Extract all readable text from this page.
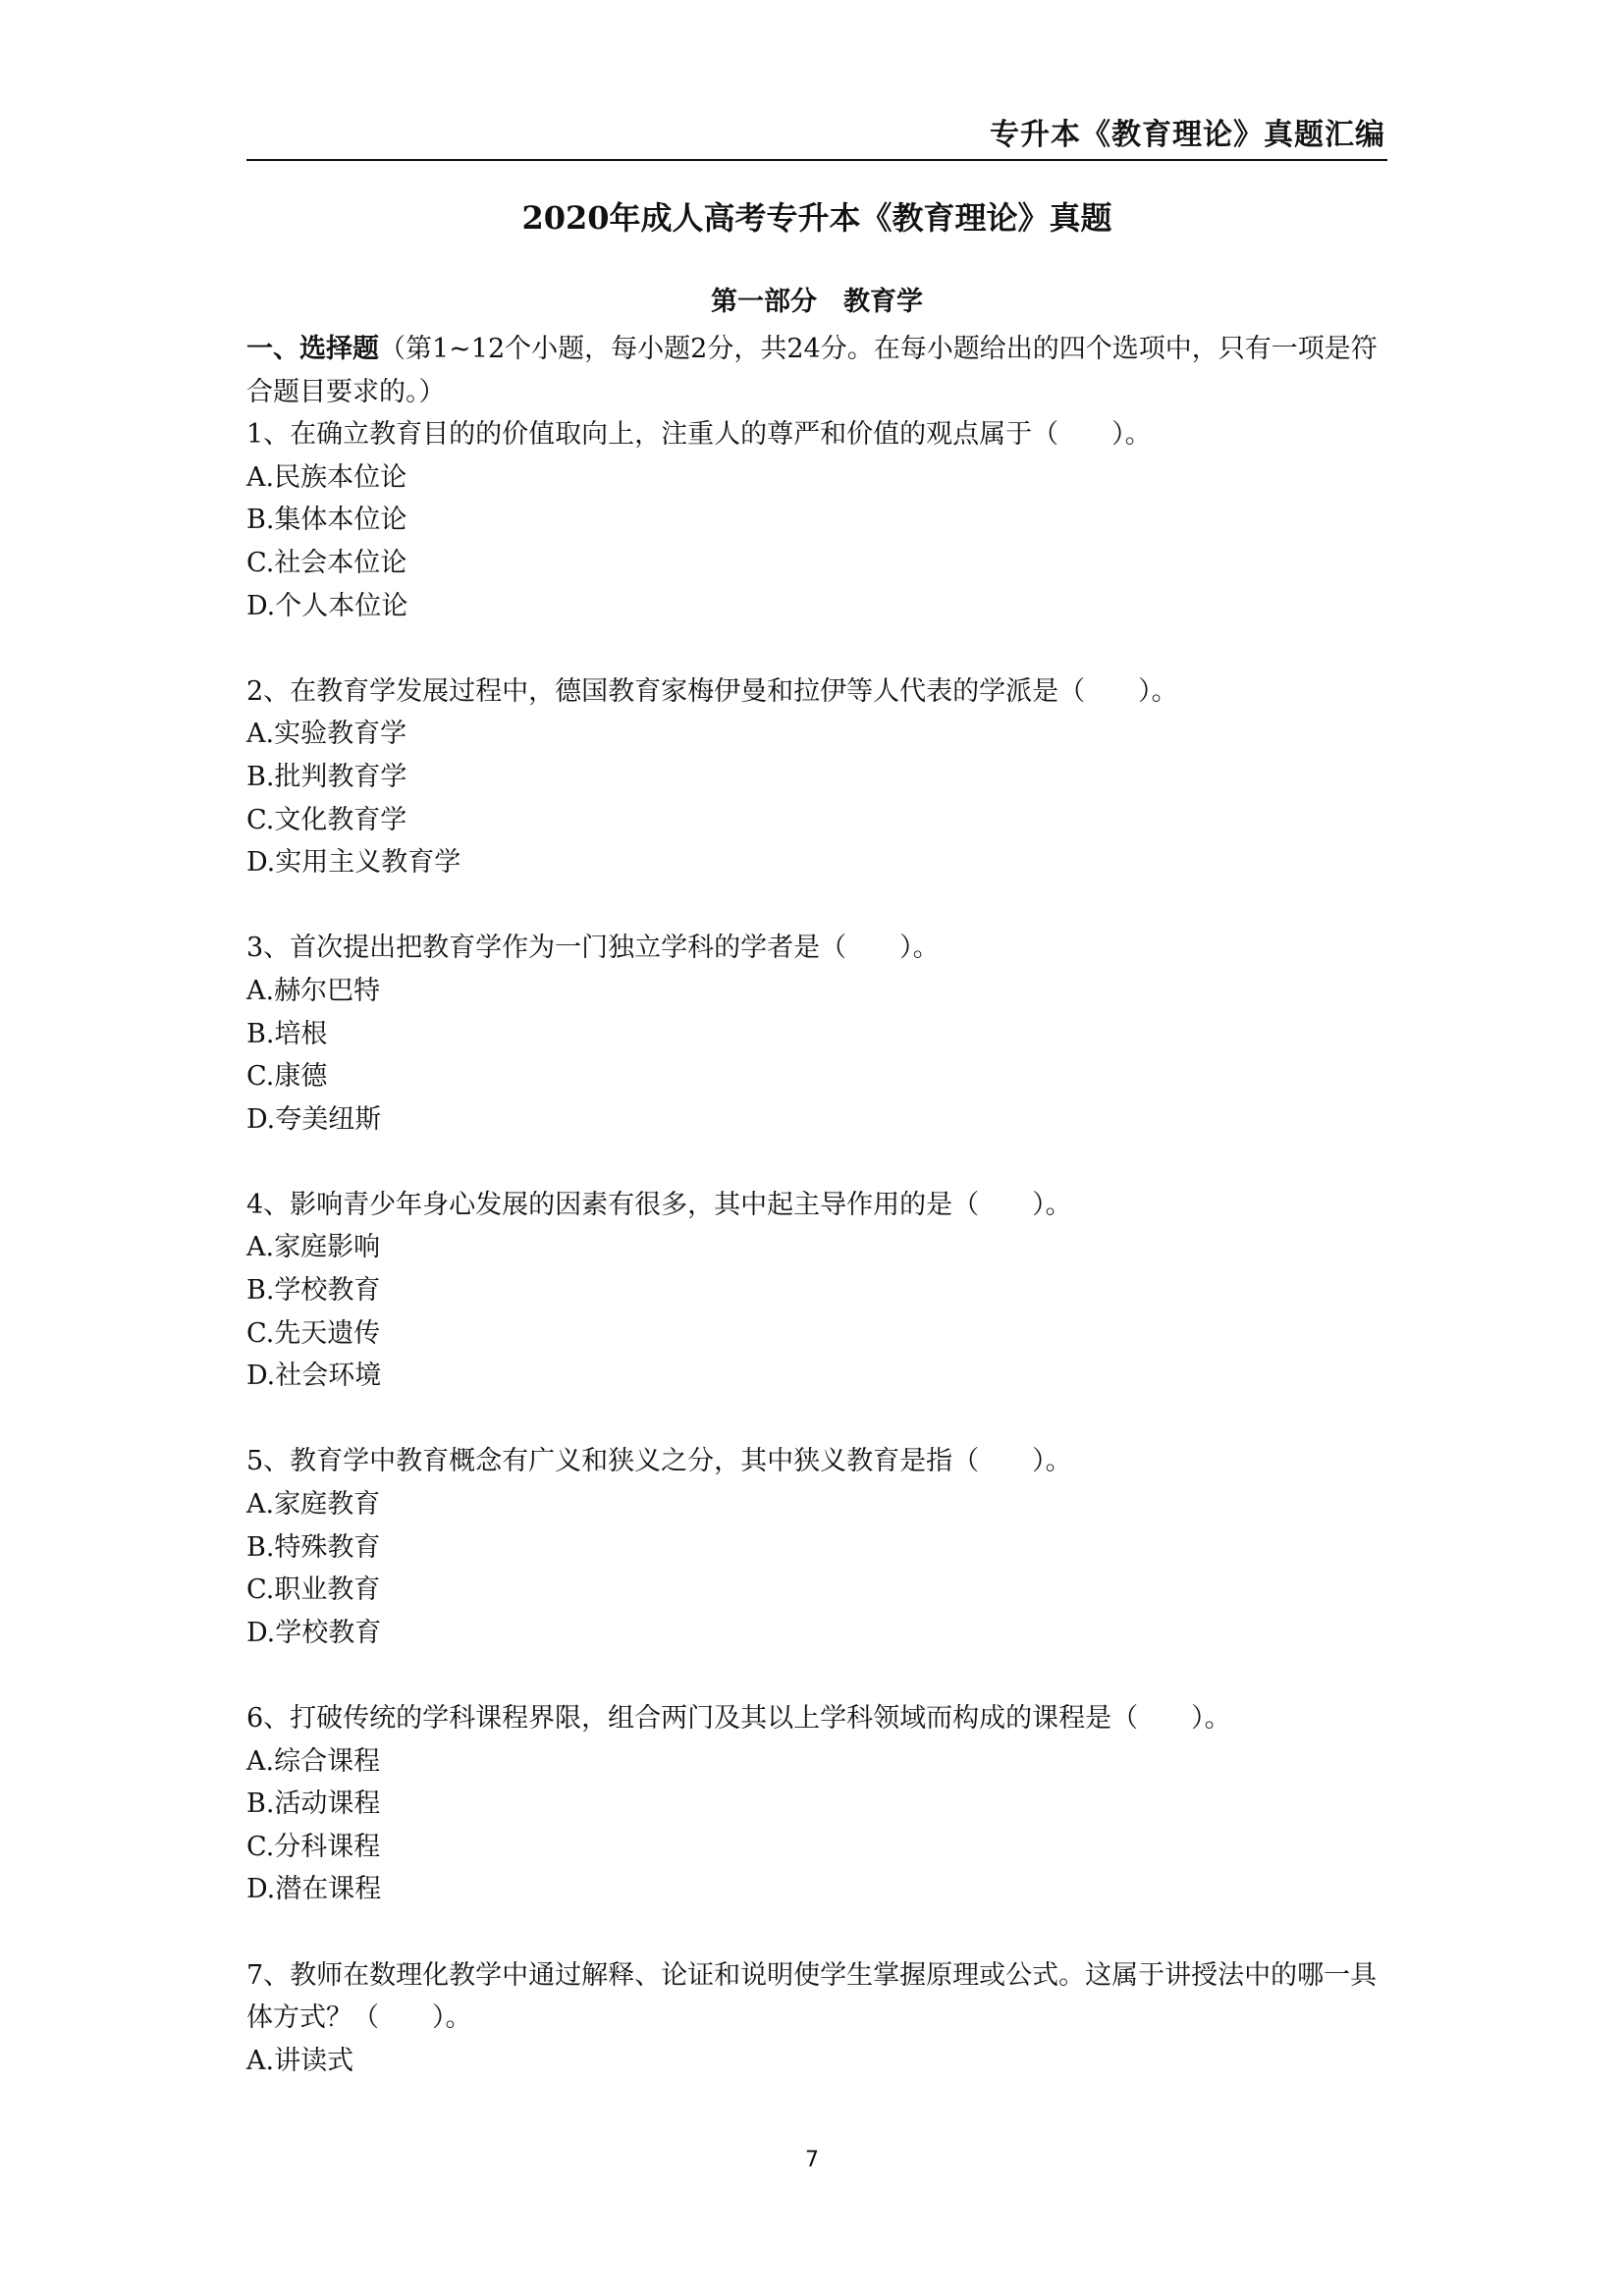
专升本《教育理论》真题汇编
2020年成人高考专升本《教育理论》真题
第一部分　教育学

一、选择题（第1~12个小题，每小题2分，共24分。在每小题给出的四个选项中，只有一项是符合题目要求的。）

1、在确立教育目的的价值取向上，注重人的尊严和价值的观点属于（　　）。

A.民族本位论

B.集体本位论

C.社会本位论

D.个人本位论

2、在教育学发展过程中，德国教育家梅伊曼和拉伊等人代表的学派是（　　）。

A.实验教育学

B.批判教育学

C.文化教育学

D.实用主义教育学

3、首次提出把教育学作为一门独立学科的学者是（　　）。

A.赫尔巴特

B.培根

C.康德

D.夸美纽斯

4、影响青少年身心发展的因素有很多，其中起主导作用的是（　　）。

A.家庭影响

B.学校教育

C.先天遗传

D.社会环境

5、教育学中教育概念有广义和狭义之分，其中狭义教育是指（　　）。

A.家庭教育

B.特殊教育

C.职业教育

D.学校教育

6、打破传统的学科课程界限，组合两门及其以上学科领域而构成的课程是（　　）。

A.综合课程

B.活动课程

C.分科课程

D.潜在课程

7、教师在数理化教学中通过解释、论证和说明使学生掌握原理或公式。这属于讲授法中的哪一具体方式？（　　）。

A.讲读式

7
